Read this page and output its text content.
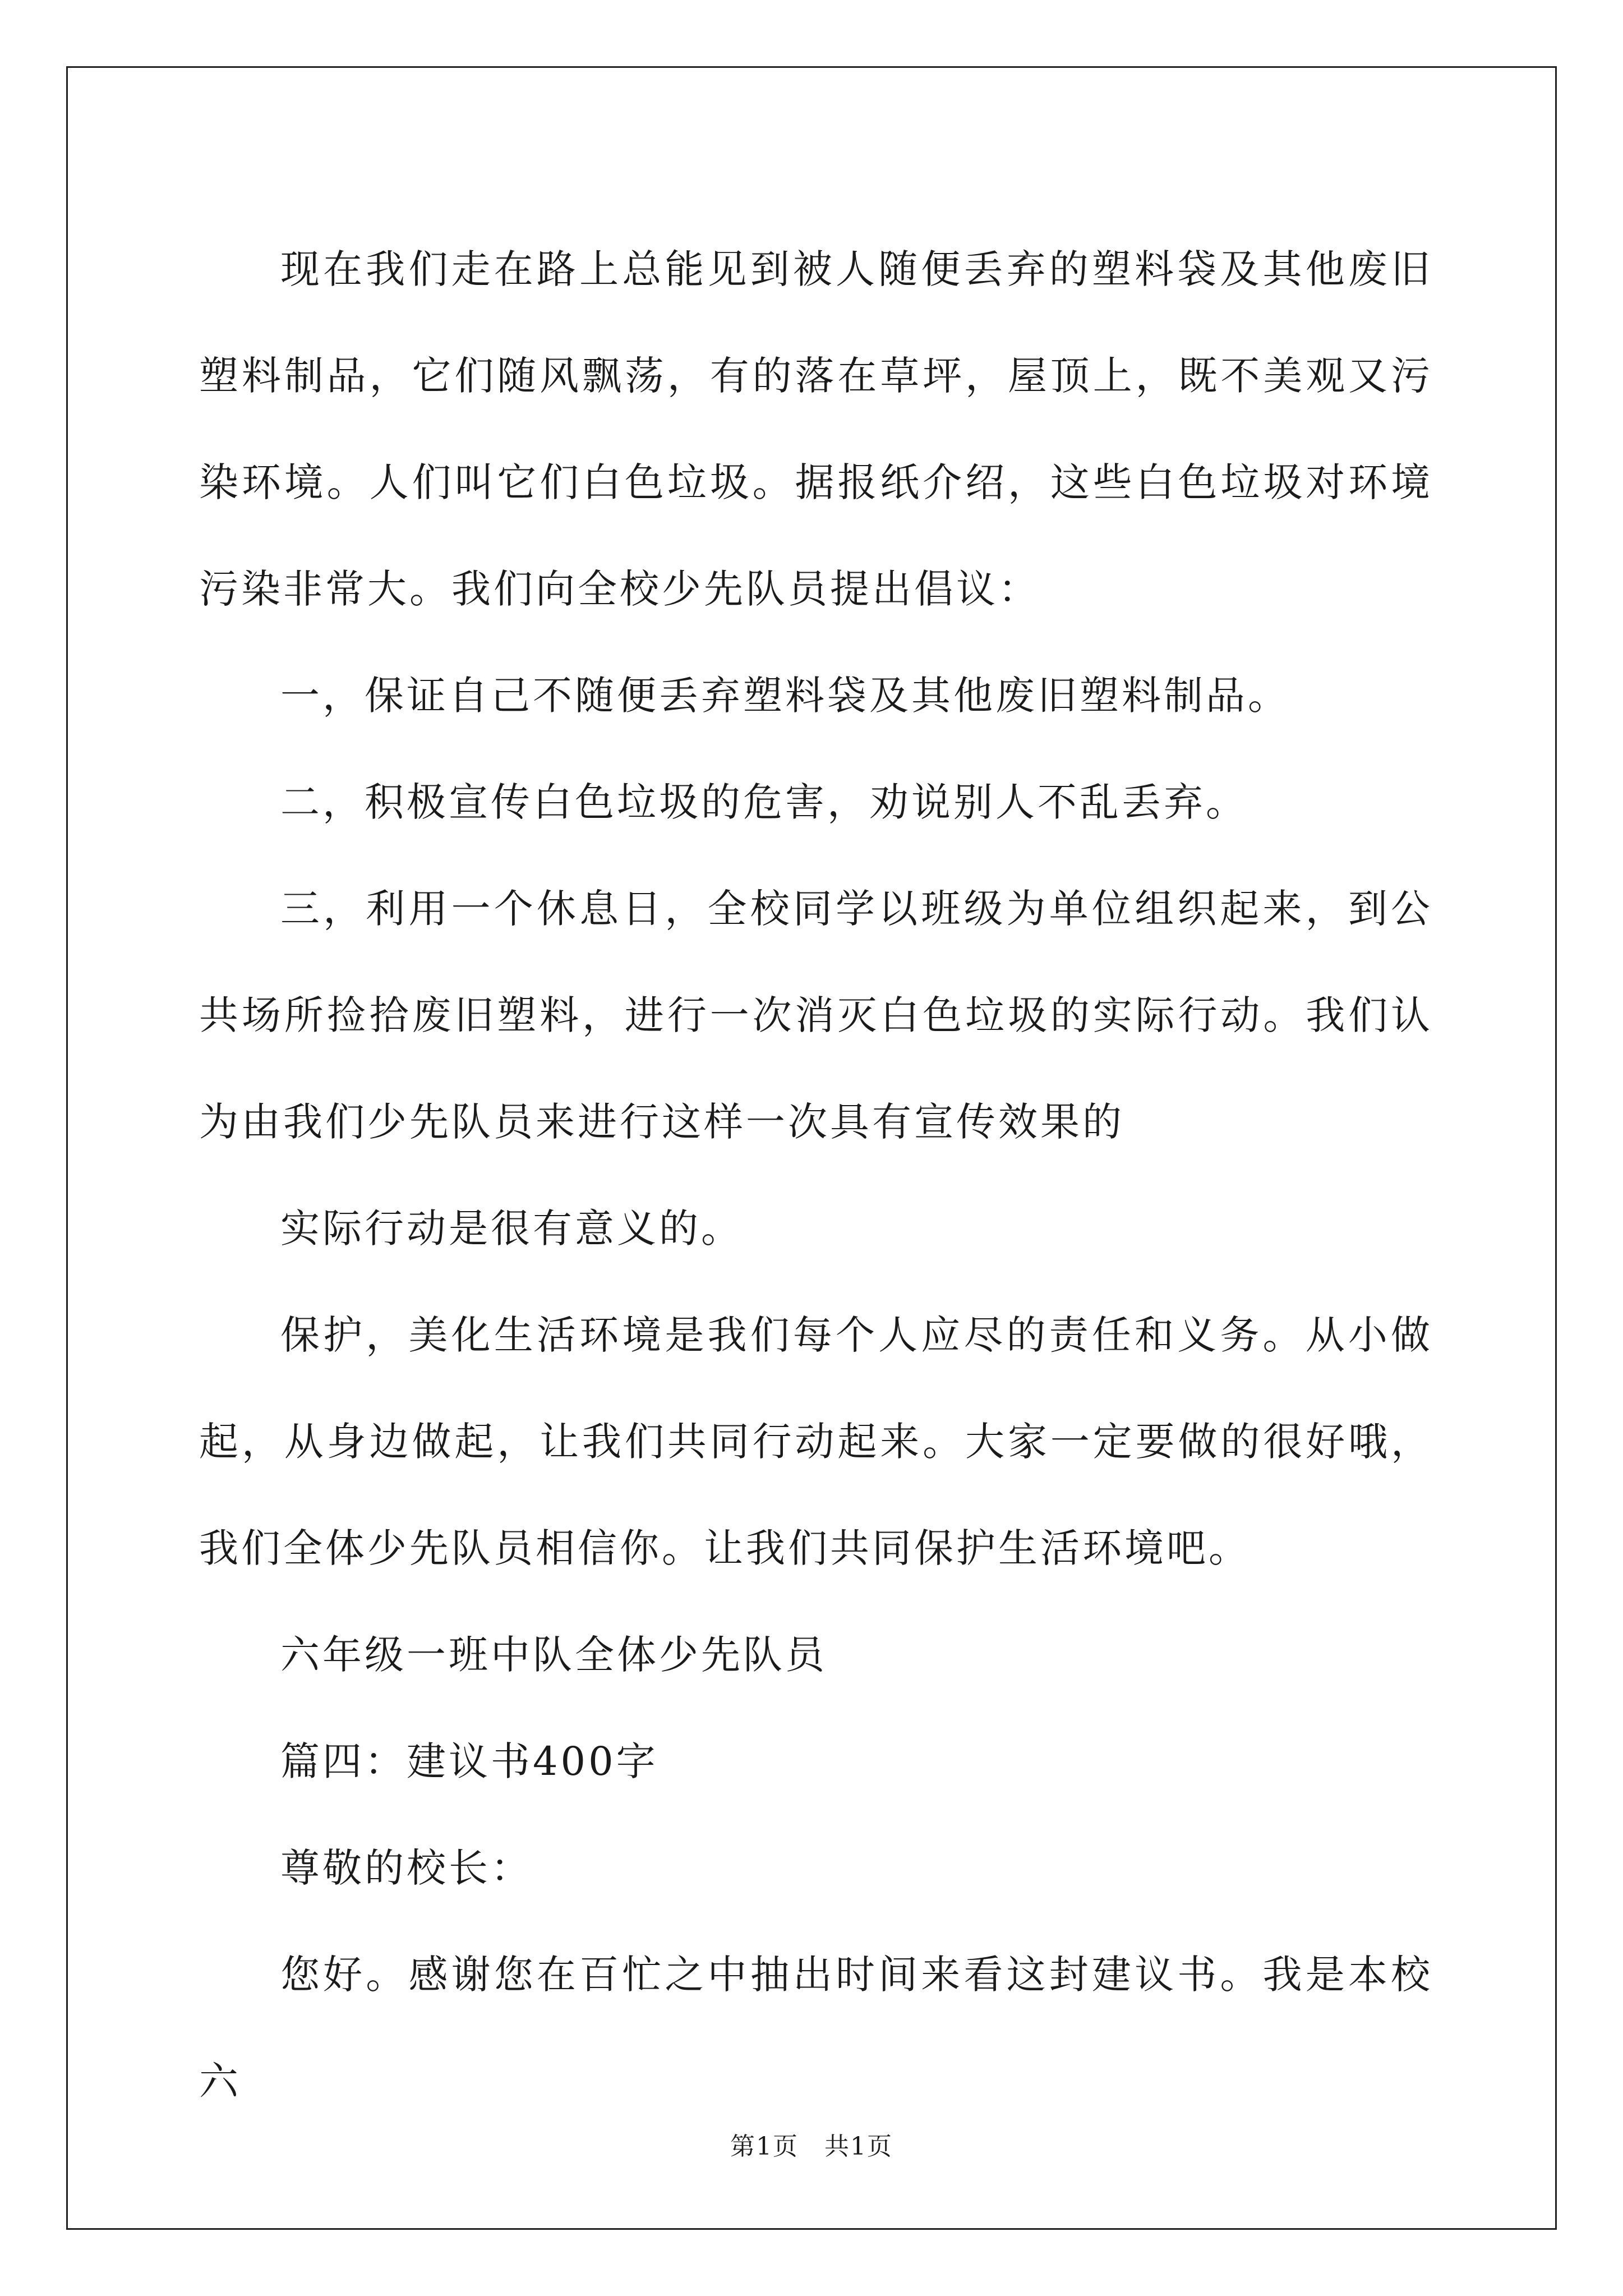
现在我们走在路上总能见到被人随便丢弃的塑料袋及其他废旧塑料制品，它们随风飘荡，有的落在草坪，屋顶上，既不美观又污染环境。人们叫它们白色垃圾。据报纸介绍，这些白色垃圾对环境污染非常大。我们向全校少先队员提出倡议：

一，保证自己不随便丢弃塑料袋及其他废旧塑料制品。

二，积极宣传白色垃圾的危害，劝说别人不乱丢弃。

三，利用一个休息日，全校同学以班级为单位组织起来，到公共场所捡拾废旧塑料，进行一次消灭白色垃圾的实际行动。我们认为由我们少先队员来进行这样一次具有宣传效果的

实际行动是很有意义的。

保护，美化生活环境是我们每个人应尽的责任和义务。从小做起，从身边做起，让我们共同行动起来。大家一定要做的很好哦，我们全体少先队员相信你。让我们共同保护生活环境吧。

六年级一班中队全体少先队员

篇四：建议书400字

尊敬的校长：

您好。感谢您在百忙之中抽出时间来看这封建议书。我是本校六

第1页　共1页
